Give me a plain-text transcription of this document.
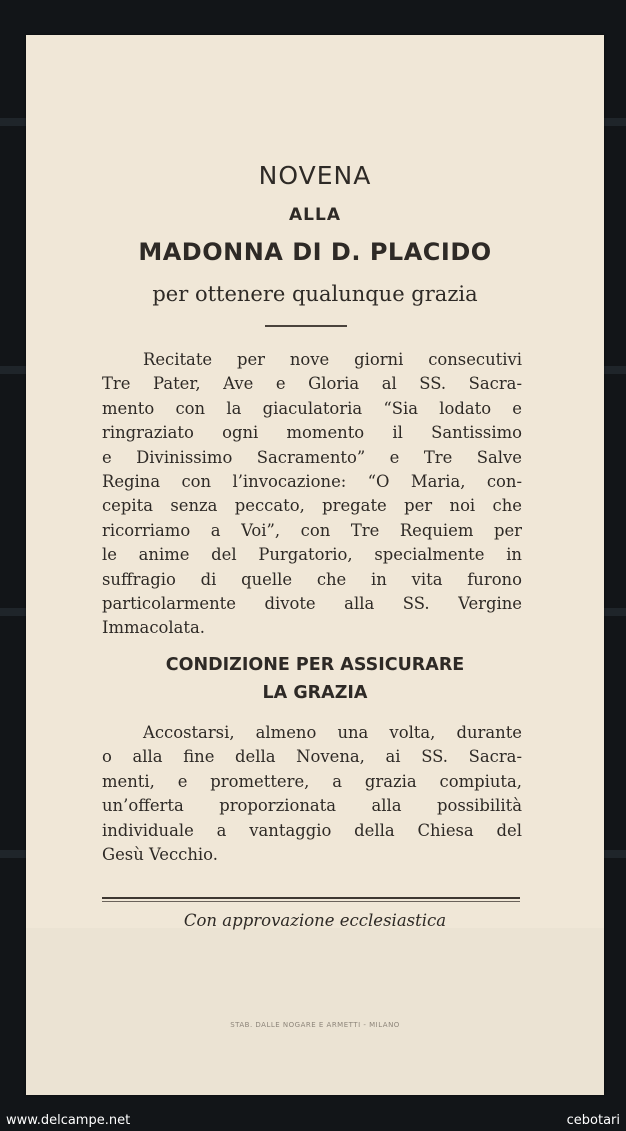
NOVENA
ALLA
MADONNA DI D. PLACIDO
per ottenere qualunque grazia
Recitate per nove giorni consecutivi
Tre Pater, Ave e Gloria al SS. Sacra-
mento con la giaculatoria “Sia lodato e
ringraziato ogni momento il Santissimo
e Divinissimo Sacramento” e Tre Salve
Regina con l’invocazione: “O Maria, con-
cepita senza peccato, pregate per noi che
ricorriamo a Voi”, con Tre Requiem per
le anime del Purgatorio, specialmente in
suffragio di quelle che in vita furono
particolarmente divote alla SS. Vergine
Immacolata.
CONDIZIONE PER ASSICURARE
LA GRAZIA
Accostarsi, almeno una volta, durante
o alla fine della Novena, ai SS. Sacra-
menti, e promettere, a grazia compiuta,
un’offerta proporzionata alla possibilità
individuale a vantaggio della Chiesa del
Gesù Vecchio.
Con approvazione ecclesiastica
STAB. DALLE NOGARE E ARMETTI - MILANO
www.delcampe.net	cebotari
